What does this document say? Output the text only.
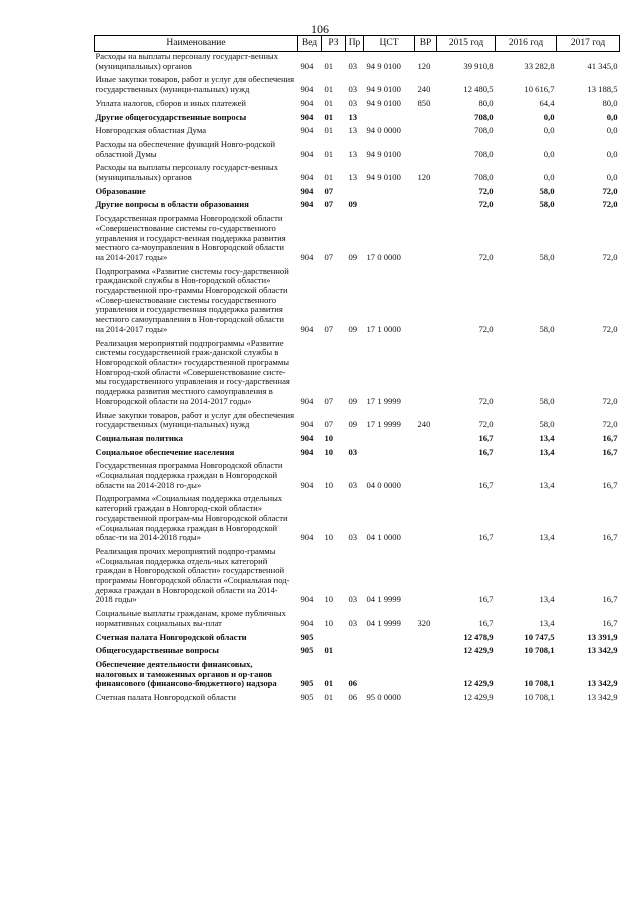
106
Наименование	Вед	РЗ	Пр	ЦСТ	ВР	2015 год	2016 год	2017 год
Расходы на выплаты персоналу государст-венных (муниципальных) органов	904	01	03	94 9 0100	120	39 910,8	33 282,8	41 345,0
Иные закупки товаров, работ и услуг для обеспечения государственных (муници-пальных) нужд	904	01	03	94 9 0100	240	12 480,5	10 616,7	13 188,5
Уплата налогов, сборов и иных платежей	904	01	03	94 9 0100	850	80,0	64,4	80,0
Другие общегосударственные вопросы	904	01	13			708,0	0,0	0,0
Новгородская областная Дума	904	01	13	94 0 0000		708,0	0,0	0,0
Расходы на обеспечение функций Новго-родской областной Думы	904	01	13	94 9 0100		708,0	0,0	0,0
Расходы на выплаты персоналу государст-венных (муниципальных) органов	904	01	13	94 9 0100	120	708,0	0,0	0,0
Образование	904	07				72,0	58,0	72,0
Другие вопросы в области образования	904	07	09			72,0	58,0	72,0
Государственная программа Новгородской области «Совершенствование системы го-сударственного управления и государст-венная поддержка развития местного са-моуправления в Новгородской области на 2014-2017 годы»	904	07	09	17 0 0000		72,0	58,0	72,0
Подпрограмма «Развитие системы госу-дарственной гражданской службы в Нов-городской области» государственной про-граммы Новгородской области «Совер-шенствование системы государственного управления и государственная поддержка развития местного самоуправления в Нов-городской области на 2014-2017 годы»	904	07	09	17 1 0000		72,0	58,0	72,0
Реализация мероприятий подпрограммы «Развитие системы государственной граж-данской службы в Новгородской области» государственной программы Новгород-ской области «Совершенствование систе-мы государственного управления и госу-дарственная поддержка развития местного самоуправления в Новгородской области на 2014-2017 годы»	904	07	09	17 1 9999		72,0	58,0	72,0
Иные закупки товаров, работ и услуг для обеспечения государственных (муници-пальных) нужд	904	07	09	17 1 9999	240	72,0	58,0	72,0
Социальная политика	904	10				16,7	13,4	16,7
Социальное обеспечение населения	904	10	03			16,7	13,4	16,7
Государственная программа Новгородской области «Социальная поддержка граждан в Новгородской области на 2014-2018 го-ды»	904	10	03	04 0 0000		16,7	13,4	16,7
Подпрограмма «Социальная поддержка отдельных категорий граждан в Новгород-ской области» государственной програм-мы Новгородской области «Социальная поддержка граждан в Новгородской облас-ти на 2014-2018 годы»	904	10	03	04 1 0000		16,7	13,4	16,7
Реализация прочих мероприятий подпро-граммы «Социальная поддержка отдель-ных категорий граждан в Новгородской области» государственной программы Новгородской области «Социальная под-держка граждан в Новгородской области на 2014-2018 годы»	904	10	03	04 1 9999		16,7	13,4	16,7
Социальные выплаты гражданам, кроме публичных нормативных социальных вы-плат	904	10	03	04 1 9999	320	16,7	13,4	16,7
Счетная палата Новгородской области	905					12 478,9	10 747,5	13 391,9
Общегосударственные вопросы	905	01				12 429,9	10 708,1	13 342,9
Обеспечение деятельности финансовых, налоговых и таможенных органов и ор-ганов финансового (финансово-бюджетного) надзора	905	01	06			12 429,9	10 708,1	13 342,9
Счетная палата Новгородской области	905	01	06	95 0 0000		12 429,9	10 708,1	13 342,9
